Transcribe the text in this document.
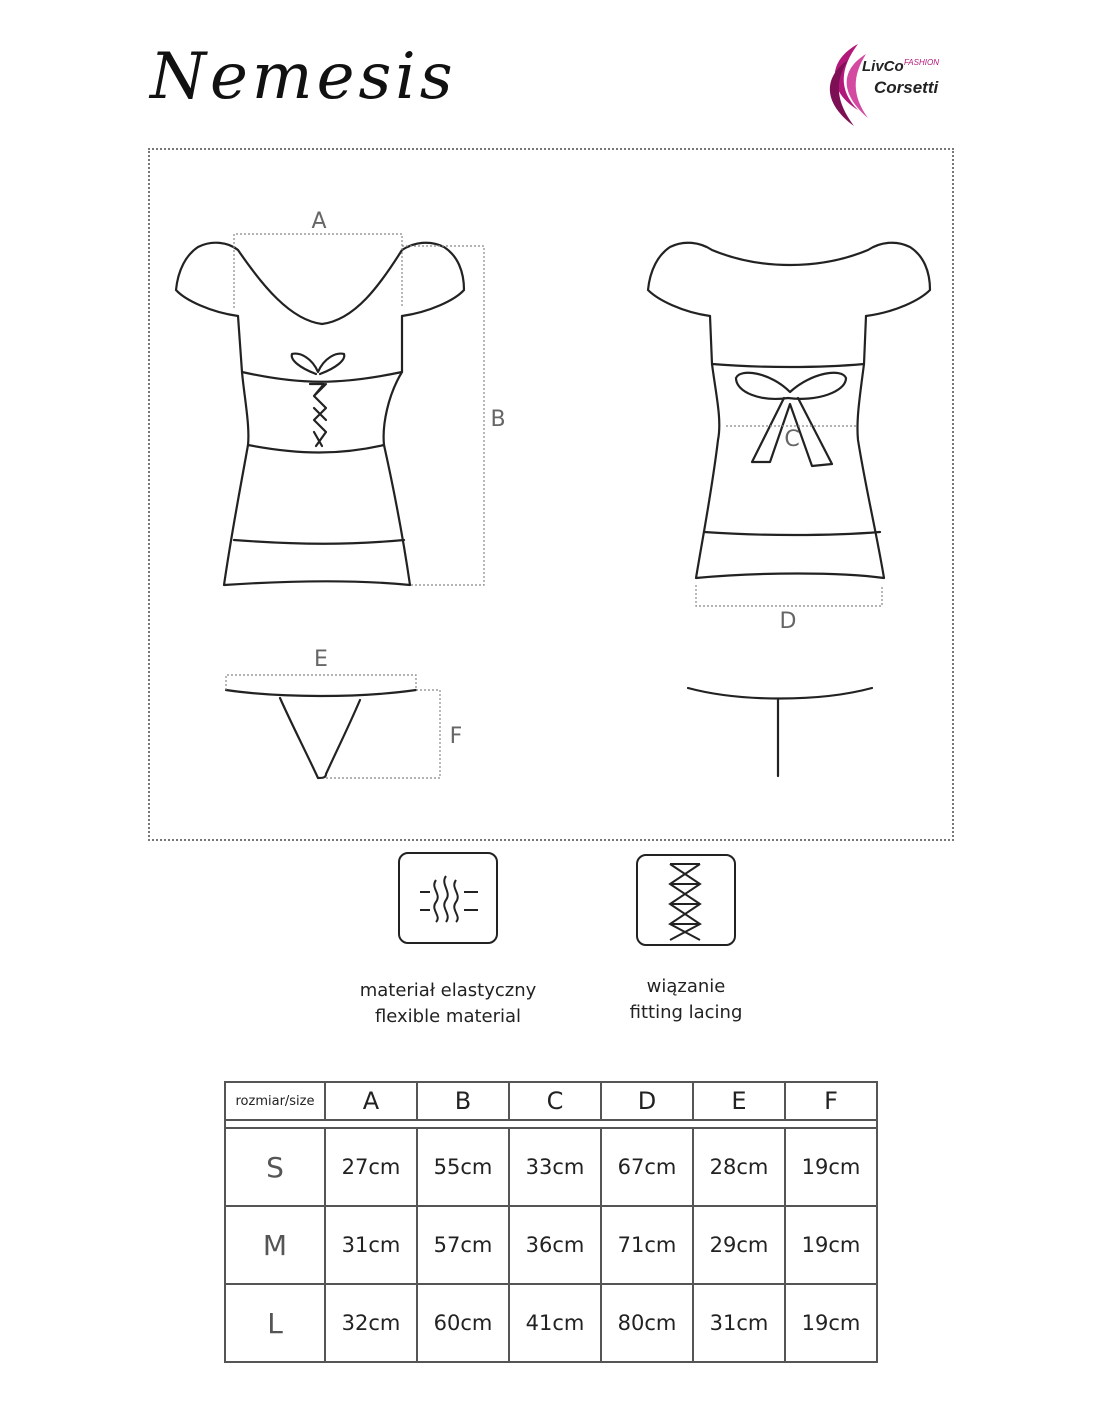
Nemesis	LivCo FASHION
Corsetti
A
B
C
D
E
F
materiał elastyczny
flexible material
wiązanie
fitting lacing
rozmiar/size	A	B	C	D	E	F

S	27cm	55cm	33cm	67cm	28cm	19cm
M	31cm	57cm	36cm	71cm	29cm	19cm
L	32cm	60cm	41cm	80cm	31cm	19cm
